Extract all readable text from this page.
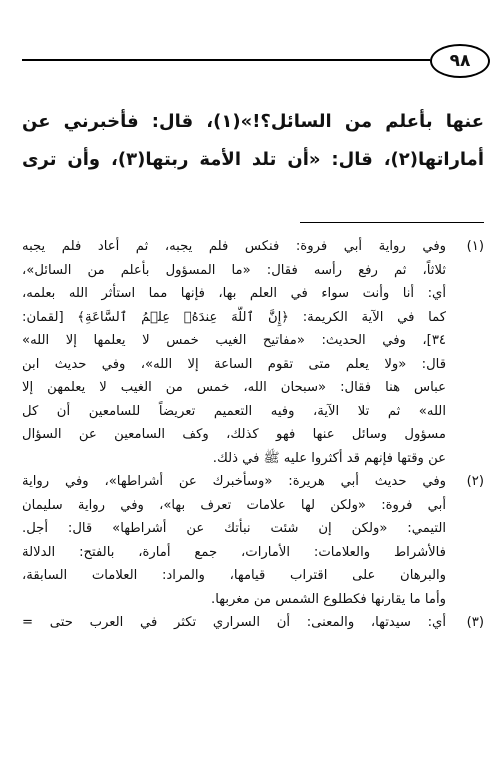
٩٨
عنها بأعلم من السائل؟!»(١)، قال: فأخبرني عن
أماراتها(٢)، قال: «أن تلد الأمة ربتها(٣)، وأن ترى
(١)
وفي رواية أبي فروة: فنكس فلم يجبه، ثم أعاد فلم يجبه
ثلاثاً، ثم رفع رأسه فقال: «ما المسؤول بأعلم من السائل»،
أي: أنا وأنت سواء في العلم بها، فإنها مما استأثر الله بعلمه،
كما في الآية الكريمة: ﴿إِنَّ ٱللَّهَ عِندَهُۥ عِلۡمُ ٱلسَّاعَةِ﴾ [لقمان:
٣٤]، وفي الحديث: «مفاتيح الغيب خمس لا يعلمها إلا الله»
قال: «ولا يعلم متى تقوم الساعة إلا الله»، وفي حديث ابن
عباس هنا فقال: «سبحان الله، خمس من الغيب لا يعلمهن إلا
الله» ثم تلا الآية، وفيه التعميم تعريضاً للسامعين أن كل
مسؤول وسائل عنها فهو كذلك، وكف السامعين عن السؤال
عن وقتها فإنهم قد أكثروا عليه ﷺ في ذلك.
(٢)
وفي حديث أبي هريرة: «وسأخبرك عن أشراطها»، وفي رواية
أبي فروة: «ولكن لها علامات تعرف بها»، وفي رواية سليمان
التيمي: «ولكن إن شئت نبأتك عن أشراطها» قال: أجل.
فالأشراط والعلامات: الأمارات، جمع أمارة، بالفتح: الدلالة
والبرهان على اقتراب قيامها، والمراد: العلامات السابقة،
وأما ما يقارنها فكطلوع الشمس من مغربها.
(٣)
أي: سيدتها، والمعنى: أن السراري تكثر في العرب حتى =
